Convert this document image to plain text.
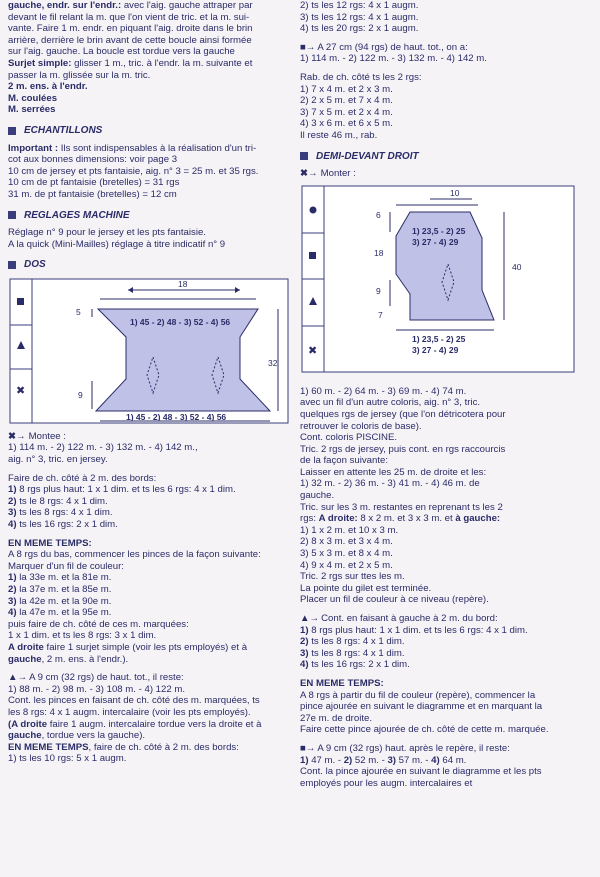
gauche, endr. sur l'endr.: avec l'aig. gauche attraper par
devant le fil relant la m. que l'on vient de tric. et la m. sui-
vante. Faire 1 m. endr. en piquant l'aig. droite dans le brin
arrière, derrière le brin avant de cette boucle ainsi formée
sur l'aig. gauche. La boucle est tordue vers la gauche
Surjet simple: glisser 1 m., tric. à l'endr. la m. suivante et
passer la m. glissée sur la m. tric.
2 m. ens. à l'endr.
M. coulées
M. serrées
ECHANTILLONS
Important : Ils sont indispensables à la réalisation d'un tri-
cot aux bonnes dimensions: voir page 3
10 cm de jersey et pts fantaisie, aig. n° 3 = 25 m. et 35 rgs.
10 cm de pt fantaisie (bretelles) = 31 rgs
31 m. de pt fantaisie (bretelles) = 12 cm
REGLAGES MACHINE
Réglage n° 9 pour le jersey et les pts fantaisie.
A la quick (Mini-Mailles) réglage à titre indicatif n° 9
DOS
✖
18
1) 45 - 2) 48 - 3) 52 - 4) 56
1) 45 - 2) 48 - 3) 52 - 4) 56
32
5
9
✖→ Montee :
1) 114 m. - 2) 122 m. - 3) 132 m. - 4) 142 m.,
aig. n° 3, tric. en jersey.
Faire de ch. côté à 2 m. des bords:
1) 8 rgs plus haut: 1 x 1 dim. et ts les 6 rgs: 4 x 1 dim.
2) ts le 8 rgs: 4 x 1 dim.
3) ts les 8 rgs: 4 x 1 dim.
4) ts les 16 rgs: 2 x 1 dim.
EN MEME TEMPS:
A 8 rgs du bas, commencer les pinces de la façon suivante:
Marquer d'un fil de couleur:
1) la 33e m. et la 81e m.
2) la 37e m. et la 85e m.
3) la 42e m. et la 90e m.
4) la 47e m. et la 95e m.
puis faire de ch. côté de ces m. marquées:
1 x 1 dim. et ts les 8 rgs: 3 x 1 dim.
A droite faire 1 surjet simple (voir les pts employés) et à
gauche, 2 m. ens. à l'endr.).
▲→ A 9 cm (32 rgs) de haut. tot., il reste:
1) 88 m. - 2) 98 m. - 3) 108 m. - 4) 122 m.
Cont. les pinces en faisant de ch. côté des m. marquées, ts
les 8 rgs: 4 x 1 augm. intercalaire (voir les pts employés).
(A droite faire 1 augm. intercalaire tordue vers la droite et à
gauche, tordue vers la gauche).
EN MEME TEMPS, faire de ch. côté à 2 m. des bords:
1) ts les 10 rgs: 5 x 1 augm.
2) ts les 12 rgs: 4 x 1 augm.
3) ts les 12 rgs: 4 x 1 augm.
4) ts les 20 rgs: 2 x 1 augm.
■→ A 27 cm (94 rgs) de haut. tot., on a:
1) 114 m. - 2) 122 m. - 3) 132 m. - 4) 142 m.
Rab. de ch. côté ts les 2 rgs:
1) 7 x 4 m. et 2 x 3 m.
2) 2 x 5 m. et 7 x 4 m.
3) 7 x 5 m. et 2 x 4 m.
4) 3 x 6 m. et 6 x 5 m.
Il reste 46 m., rab.
DEMI-DEVANT DROIT
✖→ Monter :
✖
10
1) 23,5 - 2) 25
3) 27 - 4) 29
40
6
18
9
7
1) 23,5 - 2) 25
3) 27 - 4) 29
1) 60 m. - 2) 64 m. - 3) 69 m. - 4) 74 m.
avec un fil d'un autre coloris, aig. n° 3, tric.
quelques rgs de jersey (que l'on détricotera pour
retrouver le coloris de base).
Cont. coloris PISCINE.
Tric. 2 rgs de jersey, puis cont. en rgs raccourcis
de la façon suivante:
Laisser en attente les 25 m. de droite et les:
1) 32 m. - 2) 36 m. - 3) 41 m. - 4) 46 m. de
gauche.
Tric. sur les 3 m. restantes en reprenant ts les 2
rgs: A droite: 8 x 2 m. et 3 x 3 m. et à gauche:
1) 1 x 2 m. et 10 x 3 m.
2) 8 x 3 m. et 3 x 4 m.
3) 5 x 3 m. et 8 x 4 m.
4) 9 x 4 m. et 2 x 5 m.
Tric. 2 rgs sur ttes les m.
La pointe du gilet est terminée.
Placer un fil de couleur à ce niveau (repère).
▲→ Cont. en faisant à gauche à 2 m. du bord:
1) 8 rgs plus haut: 1 x 1 dim. et ts les 6 rgs: 4 x 1 dim.
2) ts les 8 rgs: 4 x 1 dim.
3) ts les 8 rgs: 4 x 1 dim.
4) ts les 16 rgs: 2 x 1 dim.
EN MEME TEMPS:
A 8 rgs à partir du fil de couleur (repère), commencer la
pince ajourée en suivant le diagramme et en marquant la
27e m. de droite.
Faire cette pince ajourée de ch. côté de cette m. marquée.
■→ A 9 cm (32 rgs) haut. après le repère, il reste:
1) 47 m. - 2) 52 m. - 3) 57 m. - 4) 64 m.
Cont. la pince ajourée en suivant le diagramme et les pts
employés pour les augm. intercalaires et
